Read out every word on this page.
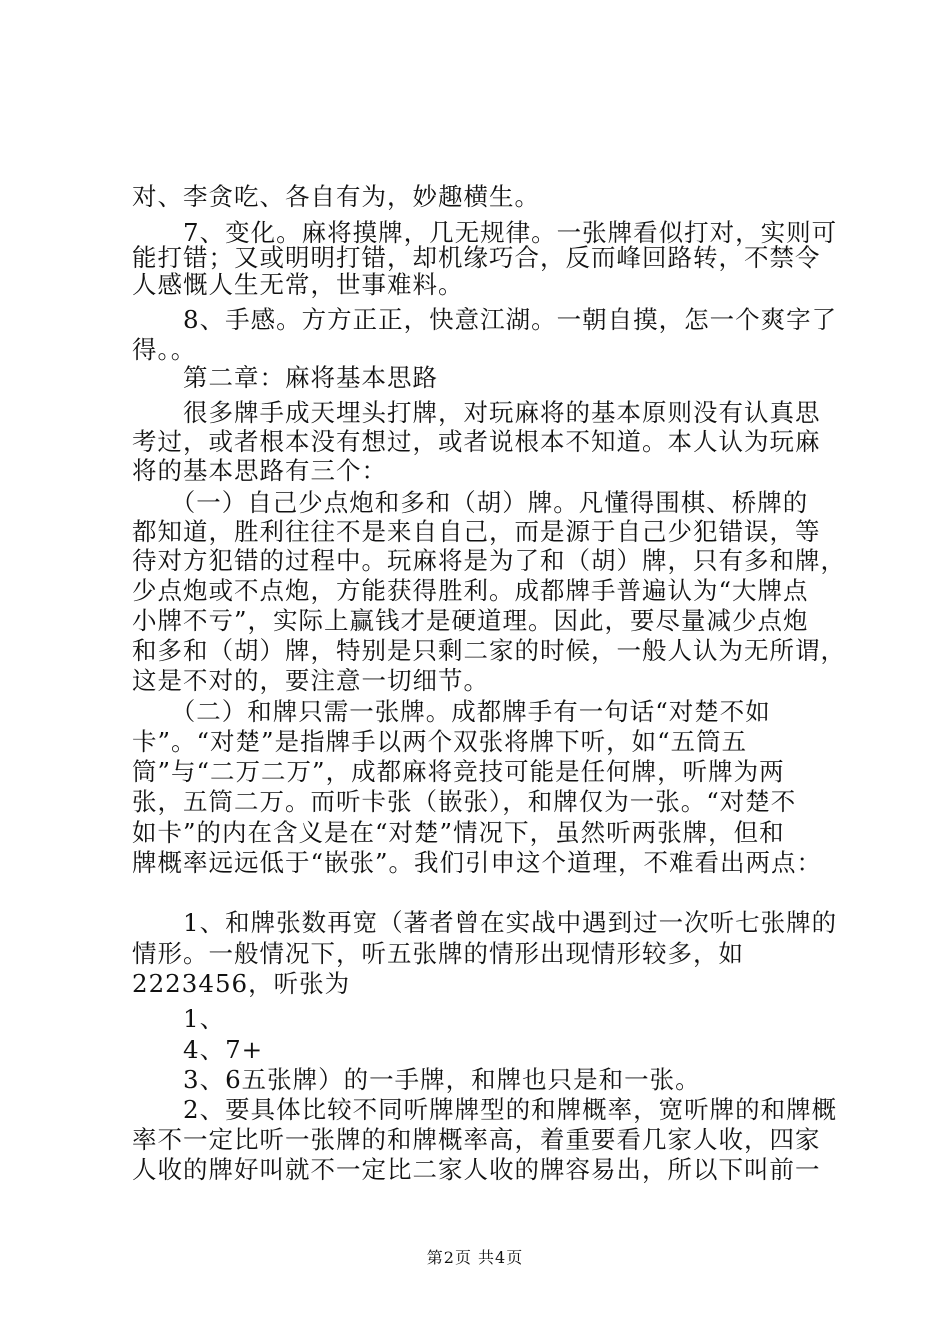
对、李贪吃、各自有为，妙趣横生。
　　7、变化。麻将摸牌，几无规律。一张牌看似打对，实则可
能打错；又或明明打错，却机缘巧合，反而峰回路转，不禁令
人感慨人生无常，世事难料。
　　8、手感。方方正正，快意江湖。一朝自摸，怎一个爽字了
得。。
　　第二章：麻将基本思路
　　很多牌手成天埋头打牌，对玩麻将的基本原则没有认真思
考过，或者根本没有想过，或者说根本不知道。本人认为玩麻
将的基本思路有三个：
　　（一）自己少点炮和多和（胡）牌。凡懂得围棋、桥牌的
都知道，胜利往往不是来自自己，而是源于自己少犯错误，等
待对方犯错的过程中。玩麻将是为了和（胡）牌，只有多和牌，
少点炮或不点炮，方能获得胜利。成都牌手普遍认为“大牌点
小牌不亏”，实际上赢钱才是硬道理。因此，要尽量减少点炮
和多和（胡）牌，特别是只剩二家的时候，一般人认为无所谓，
这是不对的，要注意一切细节。
　　（二）和牌只需一张牌。成都牌手有一句话“对楚不如
卡”。“对楚”是指牌手以两个双张将牌下听，如“五筒五
筒”与“二万二万”，成都麻将竞技可能是任何牌，听牌为两
张，五筒二万。而听卡张（嵌张），和牌仅为一张。“对楚不
如卡”的内在含义是在“对楚”情况下，虽然听两张牌，但和
牌概率远远低于“嵌张”。我们引申这个道理，不难看出两点：
　　1、和牌张数再宽（著者曾在实战中遇到过一次听七张牌的
情形。一般情况下，听五张牌的情形出现情形较多，如
2223456，听张为
　　1、
　　4、7+
　　3、6五张牌）的一手牌，和牌也只是和一张。
　　2、要具体比较不同听牌牌型的和牌概率，宽听牌的和牌概
率不一定比听一张牌的和牌概率高，着重要看几家人收，四家
人收的牌好叫就不一定比二家人收的牌容易出，所以下叫前一
第2页 共4页
